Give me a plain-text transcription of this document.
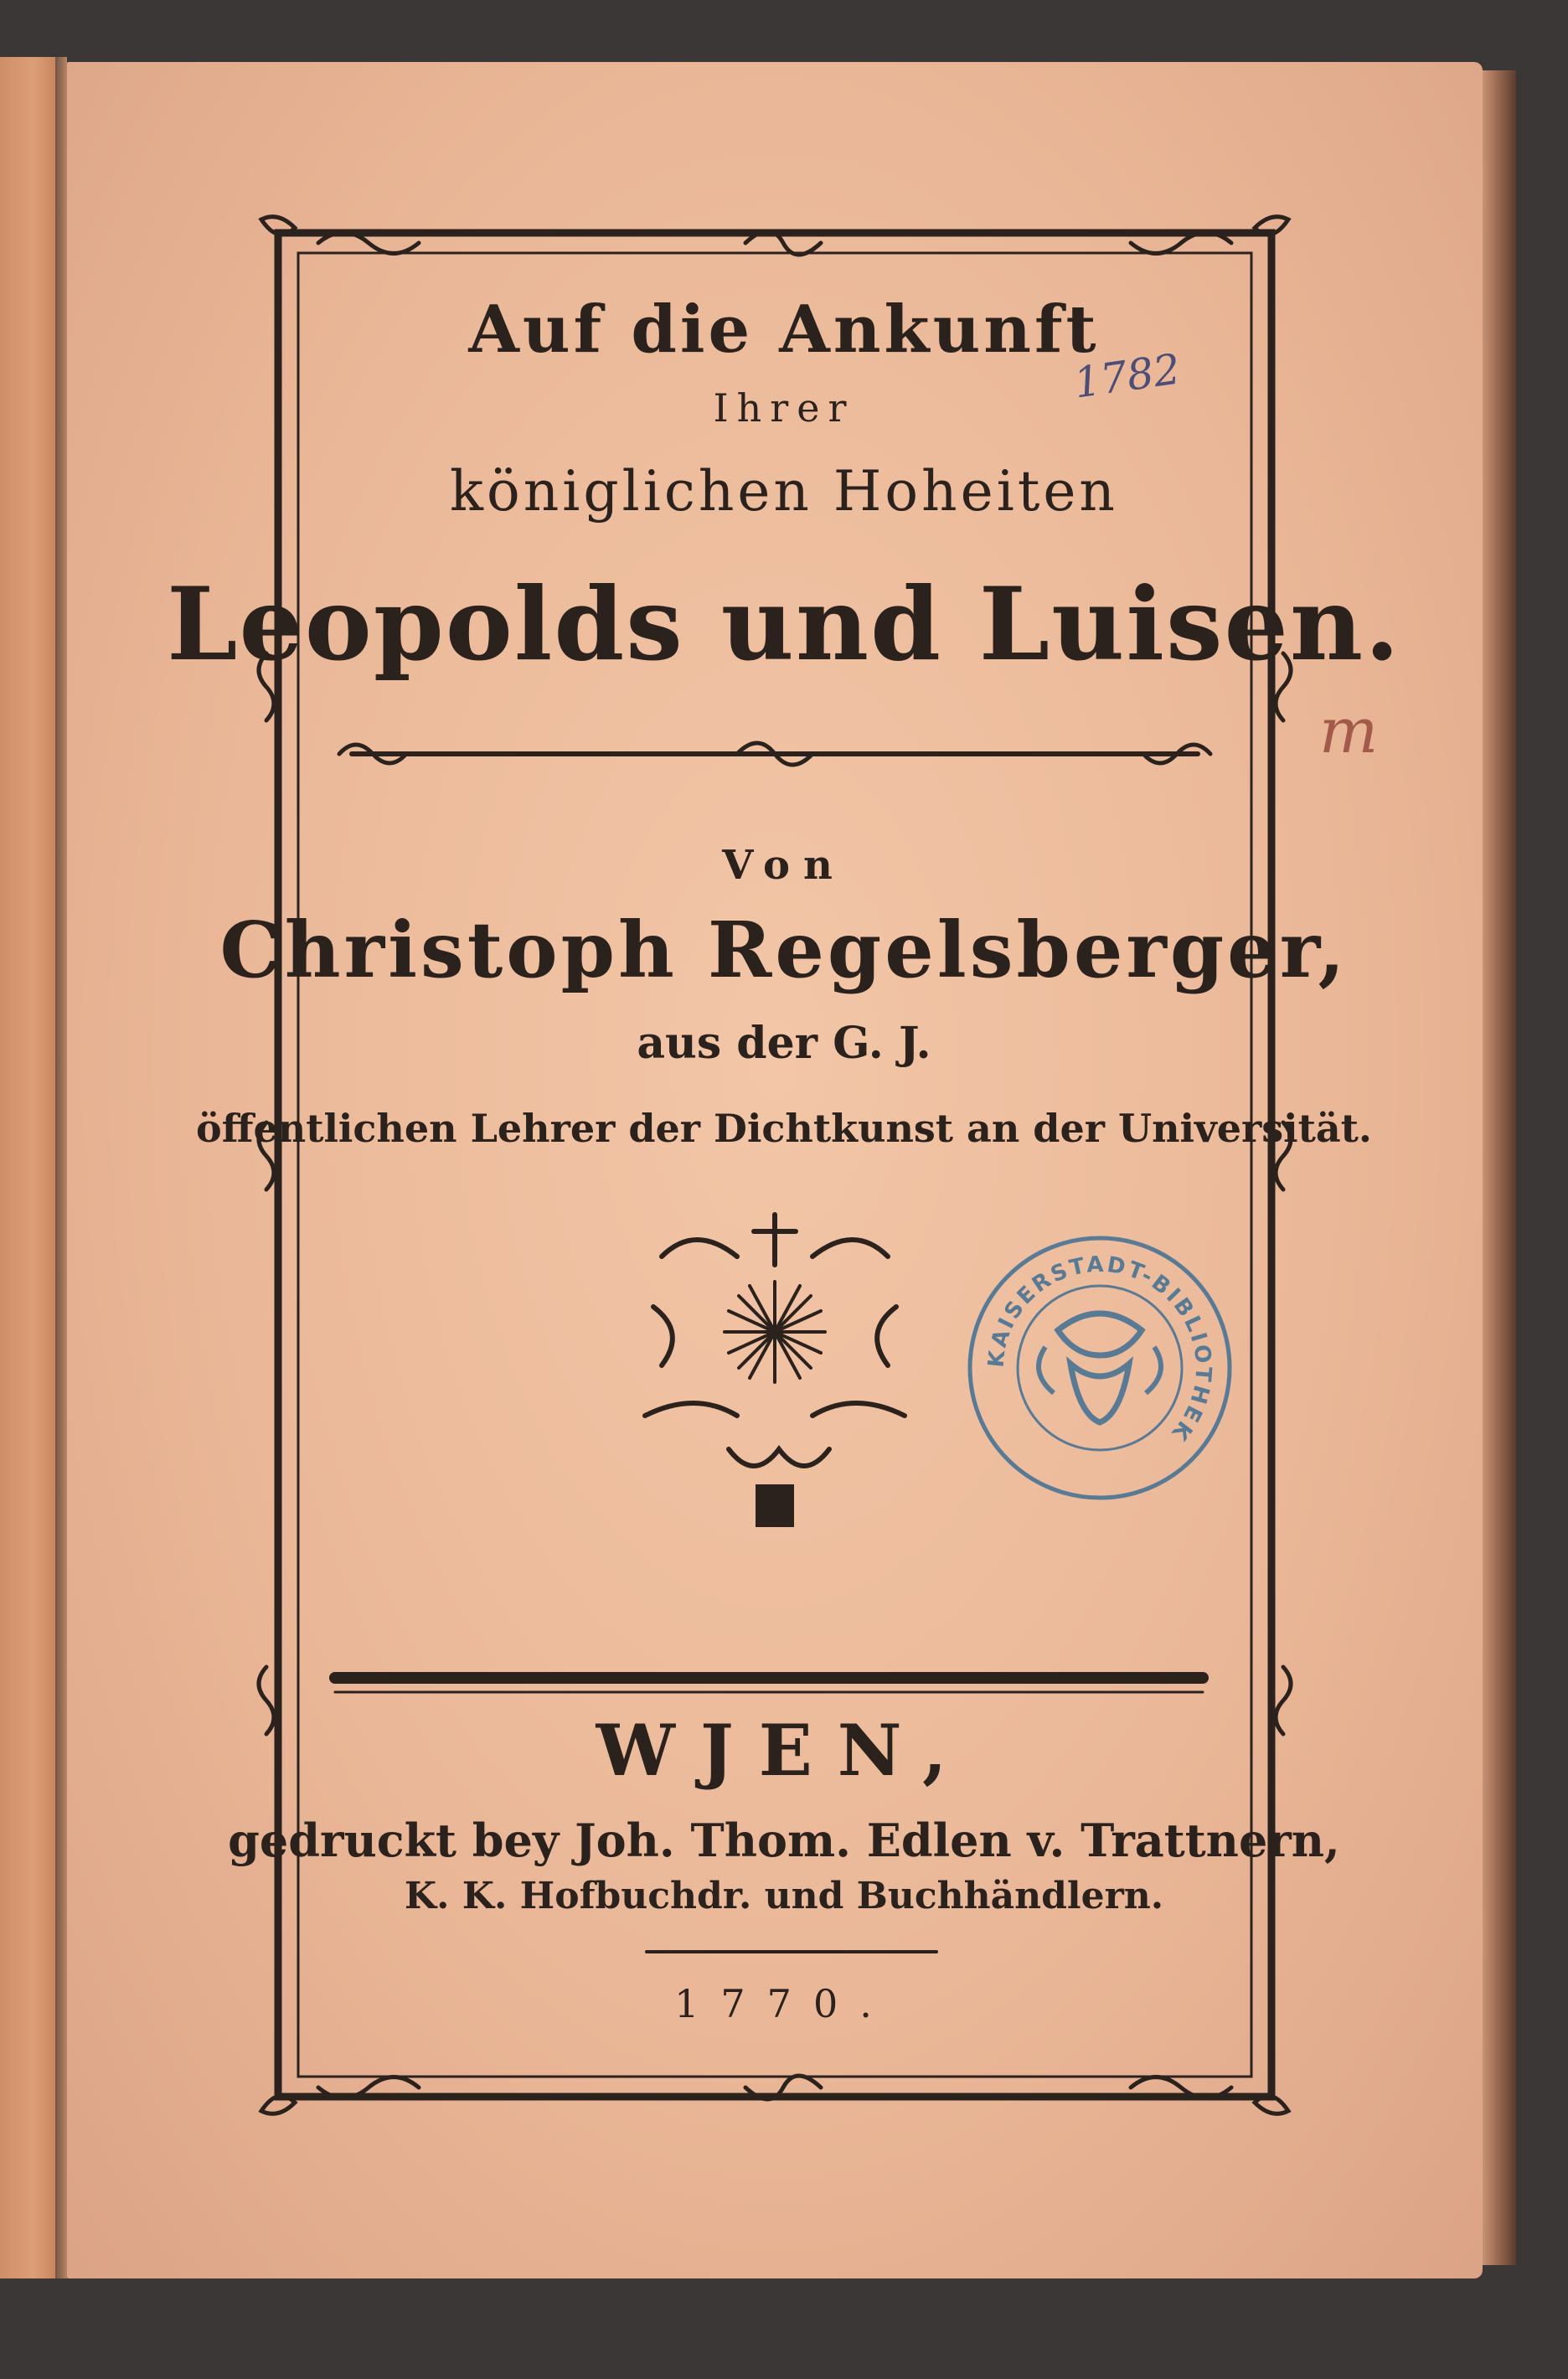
Auf die Ankunft

Ihrer

königlichen Hoheiten

Leopolds und Luisen.

Von

Christoph Regelsberger,

aus der G. J.

öffentlichen Lehrer der Dichtkunst an der Universität.

WJEN,

gedruckt bey Joh. Thom. Edlen v. Trattnern,

K. K. Hofbuchdr. und Buchhändlern.

1770.

1782
m
KAISERSTADT-BIBLIOTHEK
